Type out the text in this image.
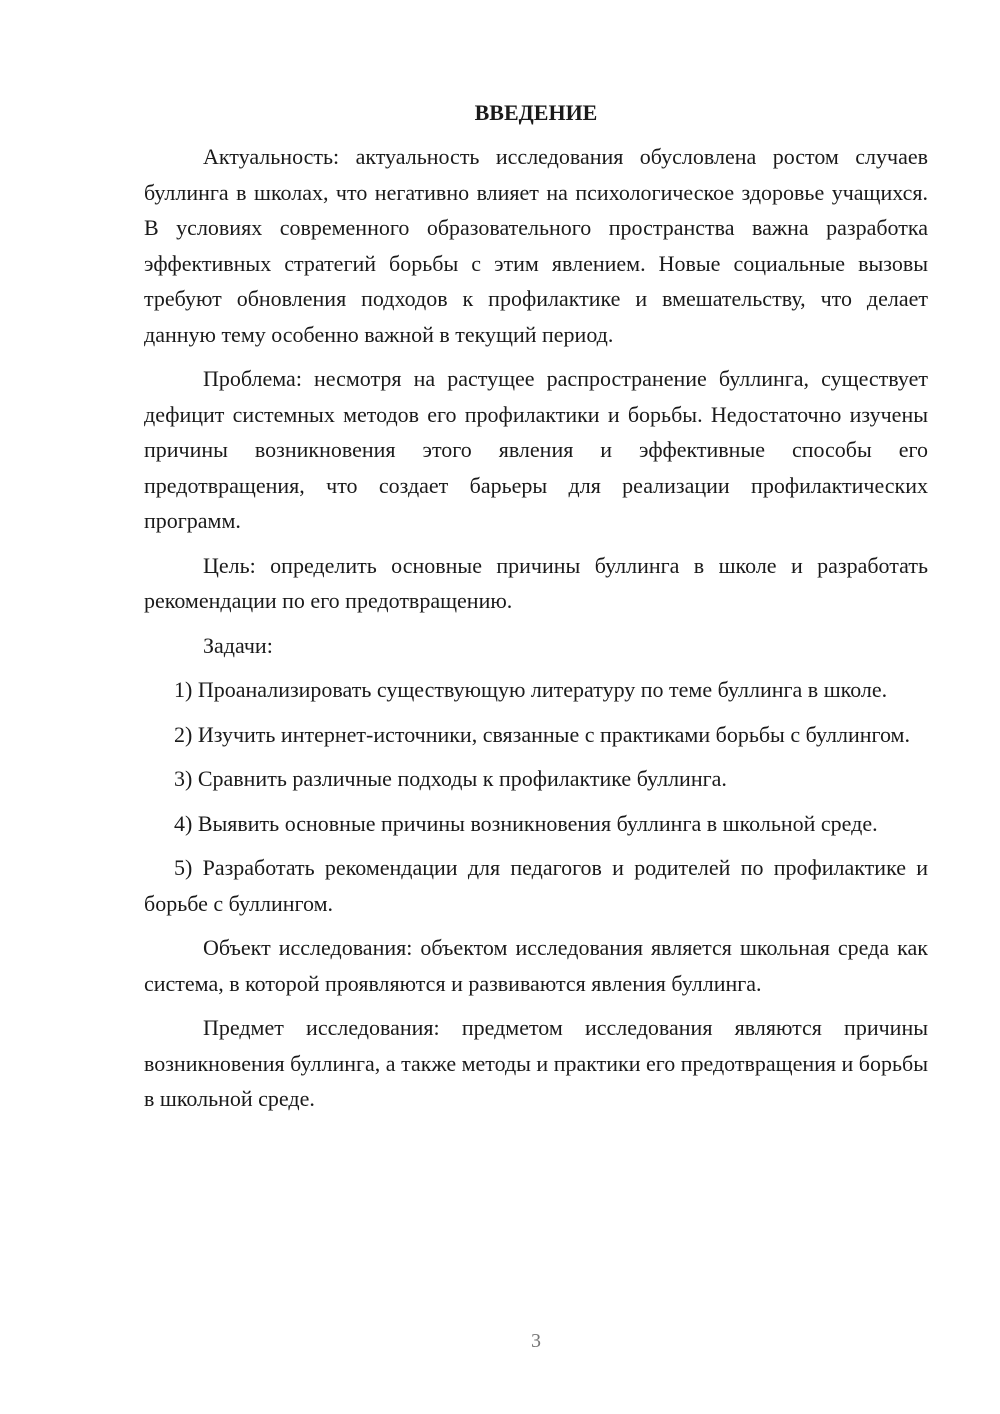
ВВЕДЕНИЕ

Актуальность: актуальность исследования обусловлена ростом случаев буллинга в школах, что негативно влияет на психологическое здоровье учащихся. В условиях современного образовательного пространства важна разработка эффективных стратегий борьбы с этим явлением. Новые социальные вызовы требуют обновления подходов к профилактике и вмешательству, что делает данную тему особенно важной в текущий период.

Проблема: несмотря на растущее распространение буллинга, существует дефицит системных методов его профилактики и борьбы. Недостаточно изучены причины возникновения этого явления и эффективные способы его предотвращения, что создает барьеры для реализации профилактических программ.

Цель: определить основные причины буллинга в школе и разработать рекомендации по его предотвращению.

Задачи:

1) Проанализировать существующую литературу по теме буллинга в школе.

2) Изучить интернет-источники, связанные с практиками борьбы с буллингом.

3) Сравнить различные подходы к профилактике буллинга.

4) Выявить основные причины возникновения буллинга в школьной среде.

5) Разработать рекомендации для педагогов и родителей по профилактике и борьбе с буллингом.

Объект исследования: объектом исследования является школьная среда как система, в которой проявляются и развиваются явления буллинга.

Предмет исследования: предметом исследования являются причины возникновения буллинга, а также методы и практики его предотвращения и борьбы в школьной среде.

3
